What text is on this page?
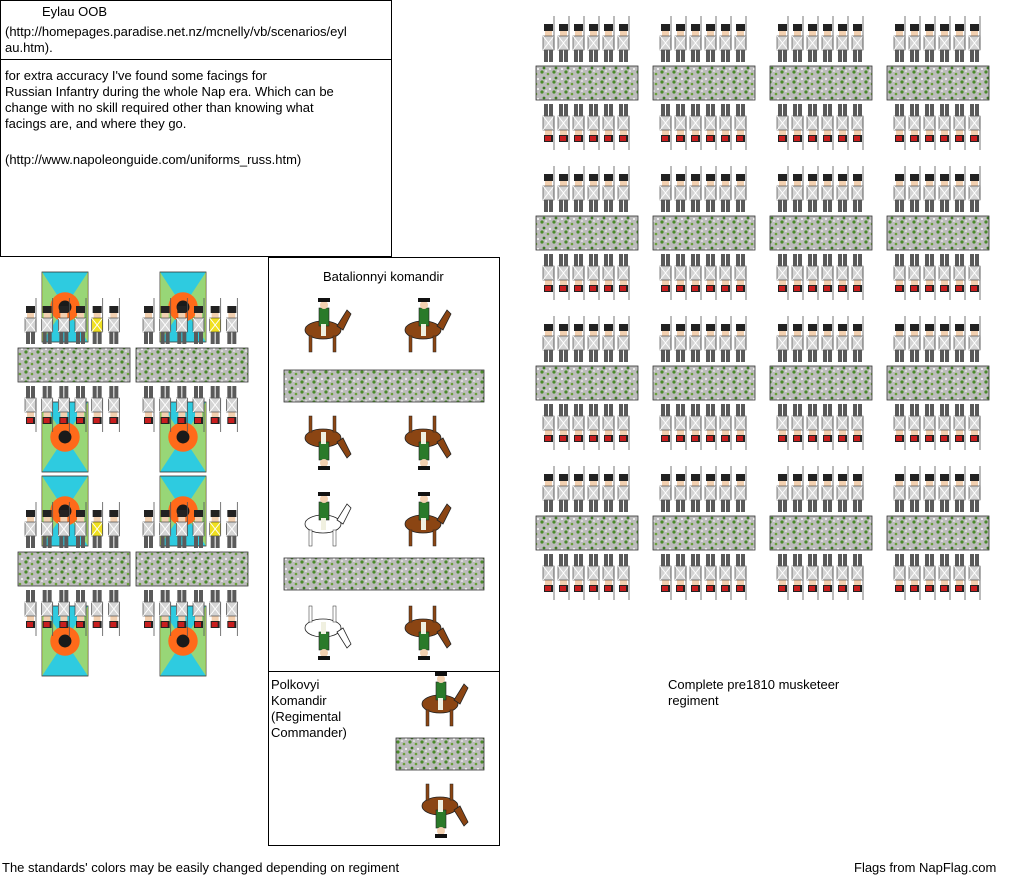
Eylau OOB
(http://homepages.paradise.net.nz/mcnelly/vb/scenarios/eyl
au.htm).
for extra accuracy I've found some facings for
Russian Infantry during the whole Nap era. Which can be
change with no skill required other than knowing what
facings are, and where they go.
(http://www.napoleonguide.com/uniforms_russ.htm)
Batalionnyi komandir
Polkovyi
Komandir
(Regimental
Commander)
Complete pre1810 musketeer
regiment
The standards' colors may be easily changed depending on regiment	Flags from NapFlag.com
